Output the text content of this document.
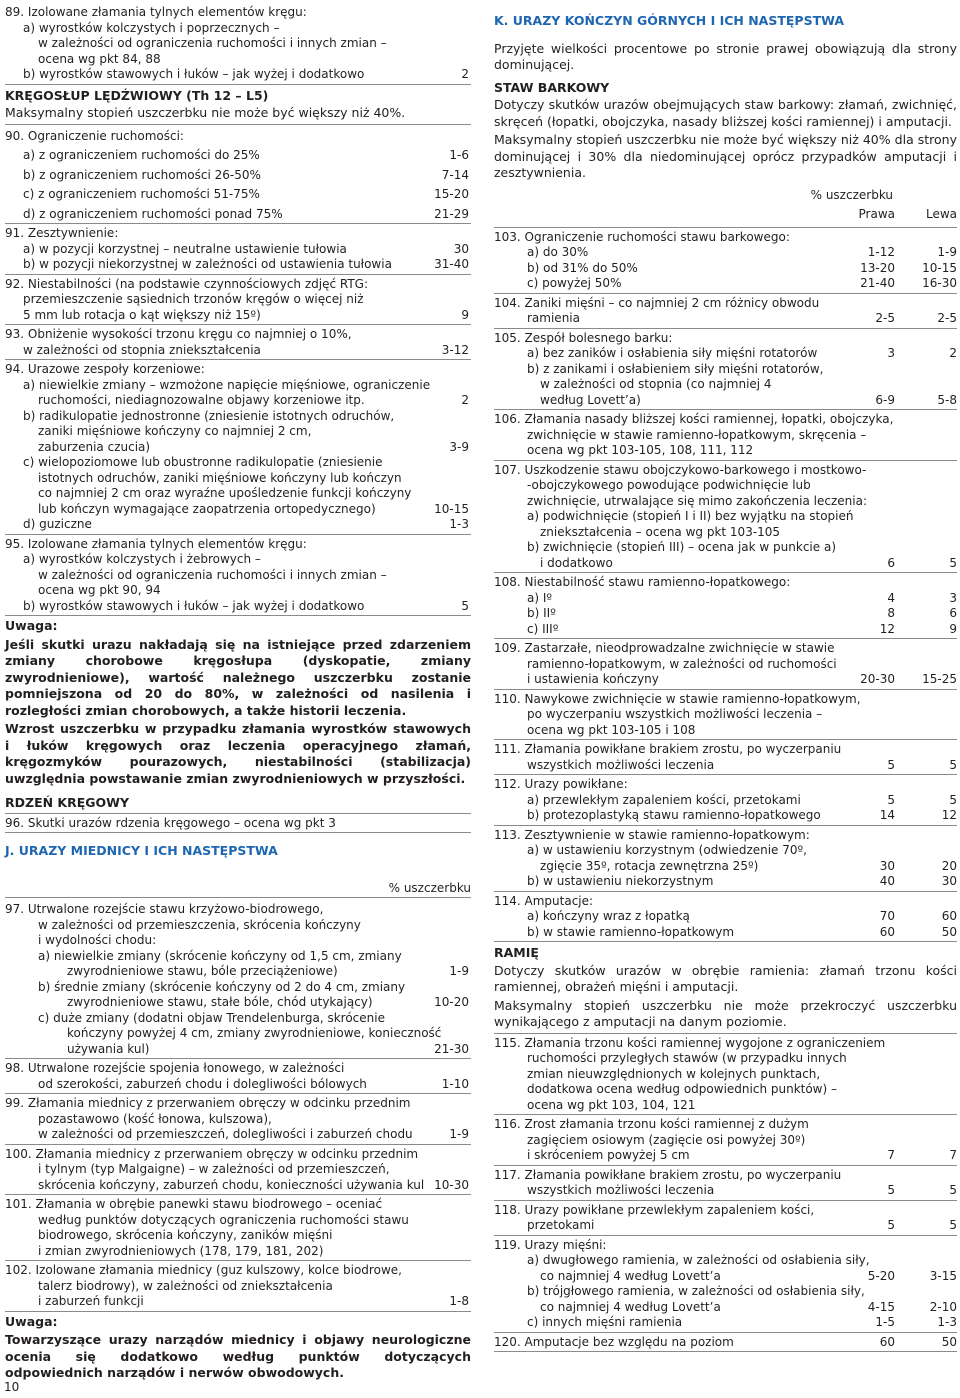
89. Izolowane złamania tylnych elementów kręgu:
a) wyrostków kolczystych i poprzecznych –
w zależności od ograniczenia ruchomości i innych zmian –
ocena wg pkt 84, 88
b) wyrostków stawowych i łuków – jak wyżej i dodatkowo	2
KRĘGOSŁUP LĘDŹWIOWY (Th 12 – L5)
Maksymalny stopień uszczerbku nie może być większy niż 40%.
90. Ograniczenie ruchomości:
a) z ograniczeniem ruchomości do 25%	1-6
b) z ograniczeniem ruchomości 26-50%	7-14
c) z ograniczeniem ruchomości 51-75%	15-20
d) z ograniczeniem ruchomości ponad 75%	21-29
91. Zesztywnienie:
a) w pozycji korzystnej – neutralne ustawienie tułowia	30
b) w pozycji niekorzystnej w zależności od ustawienia tułowia	31-40
92. Niestabilności (na podstawie czynnościowych zdjęć RTG:
przemieszczenie sąsiednich trzonów kręgów o więcej niż
5 mm lub rotacja o kąt większy niż 15º)	9
93. Obniżenie wysokości trzonu kręgu co najmniej o 10%,
w zależności od stopnia zniekształcenia	3-12
94. Urazowe zespoły korzeniowe:
a) niewielkie zmiany – wzmożone napięcie mięśniowe, ograniczenie
ruchomości, niediagnozowalne objawy korzeniowe itp.	2
b) radikulopatie jednostronne (zniesienie istotnych odruchów,
zaniki mięśniowe kończyny co najmniej 2 cm,
zaburzenia czucia)	3-9
c) wielopoziomowe lub obustronne radikulopatie (zniesienie
istotnych odruchów, zaniki mięśniowe kończyny lub kończyn
co najmniej 2 cm oraz wyraźne upośledzenie funkcji kończyny
lub kończyn wymagające zaopatrzenia ortopedycznego)	10-15
d) guziczne	1-3
95. Izolowane złamania tylnych elementów kręgu:
a) wyrostków kolczystych i żebrowych –
w zależności od ograniczenia ruchomości i innych zmian –
ocena wg pkt 90, 94
b) wyrostków stawowych i łuków – jak wyżej i dodatkowo	5
Uwaga:
Jeśli skutki urazu nakładają się na istniejące przed zdarzeniem zmiany chorobowe kręgosłupa (dyskopatie, zmiany zwyrodnieniowe), wartość należnego uszczerbku zostanie pomniejszona od 20 do 80%, w zależności od nasilenia i rozległości zmian chorobowych, a także historii leczenia.
Wzrost uszczerbku w przypadku złamania wyrostków stawowych i łuków kręgowych oraz leczenia operacyjnego złamań, kręgozmyków pourazowych, niestabilności (stabilizacja) uwzględnia powstawanie zmian zwyrodnieniowych w przyszłości.
RDZEŃ KRĘGOWY
96. Skutki urazów rdzenia kręgowego – ocena wg pkt 3
J. URAZY MIEDNICY I ICH NASTĘPSTWA
% uszczerbku
97. Utrwalone rozejście stawu krzyżowo-biodrowego,
w zależności od przemieszczenia, skrócenia kończyny
i wydolności chodu:
a) niewielkie zmiany (skrócenie kończyny od 1,5 cm, zmiany
zwyrodnieniowe stawu, bóle przeciążeniowe)	1-9
b) średnie zmiany (skrócenie kończyny od 2 do 4 cm, zmiany
zwyrodnieniowe stawu, stałe bóle, chód utykający)	10-20
c) duże zmiany (dodatni objaw Trendelenburga, skrócenie
kończyny powyżej 4 cm, zmiany zwyrodnieniowe, konieczność
używania kul)	21-30
98. Utrwalone rozejście spojenia łonowego, w zależności
od szerokości, zaburzeń chodu i dolegliwości bólowych	1-10
99. Złamania miednicy z przerwaniem obręczy w odcinku przednim
pozastawowo (kość łonowa, kulszowa),
w zależności od przemieszczeń, dolegliwości i zaburzeń chodu	1-9
100. Złamania miednicy z przerwaniem obręczy w odcinku przednim
i tylnym (typ Malgaigne) – w zależności od przemieszczeń,
skrócenia kończyny, zaburzeń chodu, konieczności używania kul 10-30
101. Złamania w obrębie panewki stawu biodrowego – oceniać
według punktów dotyczących ograniczenia ruchomości stawu
biodrowego, skrócenia kończyny, zaników mięśni
i zmian zwyrodnieniowych (178, 179, 181, 202)
102. Izolowane złamania miednicy (guz kulszowy, kolce biodrowe,
talerz biodrowy), w zależności od zniekształcenia
i zaburzeń funkcji	1-8
Uwaga:
Towarzyszące urazy narządów miednicy i objawy neurologiczne ocenia się dodatkowo według punktów dotyczących odpowiednich narządów i nerwów obwodowych.
K. URAZY KOŃCZYN GÓRNYCH I ICH NASTĘPSTWA
Przyjęte wielkości procentowe po stronie prawej obowiązują dla strony dominującej.
STAW BARKOWY
Dotyczy skutków urazów obejmujących staw barkowy: złamań, zwichnięć, skręceń (łopatki, obojczyka, nasady bliższej kości ramiennej) i amputacji.
Maksymalny stopień uszczerbku nie może być większy niż 40% dla strony dominującej i 30% dla niedominującej oprócz przypadków amputacji i zesztywnienia.
% uszczerbku
Prawa	Lewa
103. Ograniczenie ruchomości stawu barkowego:
a) do 30%	1-12	1-9
b) od 31% do 50%	13-20	10-15
c) powyżej 50%	21-40	16-30
104. Zaniki mięśni – co najmniej 2 cm różnicy obwodu
ramienia	2-5	2-5
105. Zespół bolesnego barku:
a) bez zaników i osłabienia siły mięśni rotatorów	3	2
b) z zanikami i osłabieniem siły mięśni rotatorów,
w zależności od stopnia (co najmniej 4
według Lovett’a)	6-9	5-8
106. Złamania nasady bliższej kości ramiennej, łopatki, obojczyka,
zwichnięcie w stawie ramienno-łopatkowym, skręcenia –
ocena wg pkt 103-105, 108, 111, 112
107. Uszkodzenie stawu obojczykowo-barkowego i mostkowo-
-obojczykowego powodujące podwichnięcie lub
zwichnięcie, utrwalające się mimo zakończenia leczenia:
a) podwichnięcie (stopień I i II) bez wyjątku na stopień
zniekształcenia – ocena wg pkt 103-105
b) zwichnięcie (stopień III) – ocena jak w punkcie a)
i dodatkowo	6	5
108. Niestabilność stawu ramienno-łopatkowego:
a) Iº	4	3
b) IIº	8	6
c) IIIº	12	9
109. Zastarzałe, nieodprowadzalne zwichnięcie w stawie
ramienno-łopatkowym, w zależności od ruchomości
i ustawienia kończyny	20-30	15-25
110. Nawykowe zwichnięcie w stawie ramienno-łopatkowym,
po wyczerpaniu wszystkich możliwości leczenia –
ocena wg pkt 103-105 i 108
111. Złamania powikłane brakiem zrostu, po wyczerpaniu
wszystkich możliwości leczenia	5	5
112. Urazy powikłane:
a) przewlekłym zapaleniem kości, przetokami	5	5
b) protezoplastyką stawu ramienno-łopatkowego	14	12
113. Zesztywnienie w stawie ramienno-łopatkowym:
a) w ustawieniu korzystnym (odwiedzenie 70º,
zgięcie 35º, rotacja zewnętrzna 25º)	30	20
b) w ustawieniu niekorzystnym	40	30
114. Amputacje:
a) kończyny wraz z łopatką	70	60
b) w stawie ramienno-łopatkowym	60	50
RAMIĘ
Dotyczy skutków urazów w obrębie ramienia: złamań trzonu kości ramiennej, obrażeń mięśni i amputacji.
Maksymalny stopień uszczerbku nie może przekroczyć uszczerbku wynikającego z amputacji na danym poziomie.
115. Złamania trzonu kości ramiennej wygojone z ograniczeniem
ruchomości przyległych stawów (w przypadku innych
zmian nieuwzględnionych w kolejnych punktach,
dodatkowa ocena według odpowiednich punktów) –
ocena wg pkt 103, 104, 121
116. Zrost złamania trzonu kości ramiennej z dużym
zagięciem osiowym (zagięcie osi powyżej 30º)
i skróceniem powyżej 5 cm	7	7
117. Złamania powikłane brakiem zrostu, po wyczerpaniu
wszystkich możliwości leczenia	5	5
118. Urazy powikłane przewlekłym zapaleniem kości,
przetokami	5	5
119. Urazy mięśni:
a) dwugłowego ramienia, w zależności od osłabienia siły,
co najmniej 4 według Lovett’a	5-20	3-15
b) trójgłowego ramienia, w zależności od osłabienia siły,
co najmniej 4 według Lovett’a	4-15	2-10
c) innych mięśni ramienia	1-5	1-3
120. Amputacje bez względu na poziom	60	50
10
